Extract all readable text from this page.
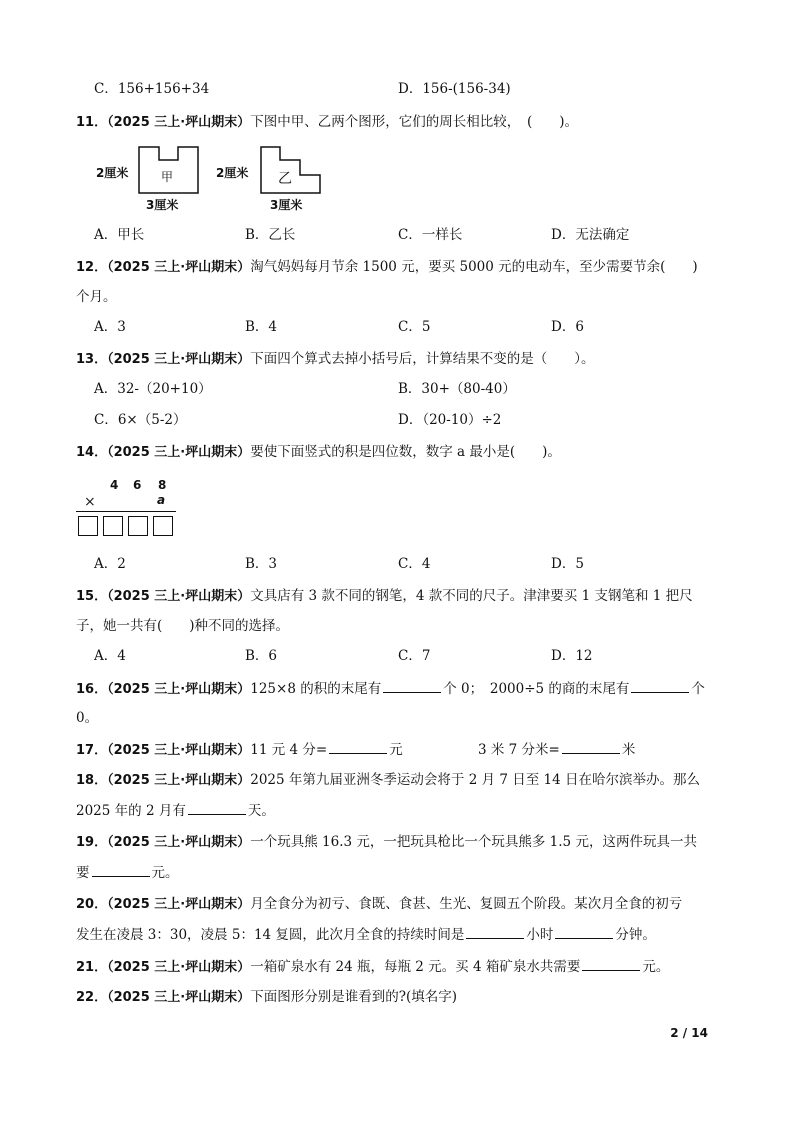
C．156+156+34	D．156-(156-34)
11．（2025 三上·坪山期末）下图中甲、乙两个图形，它们的周长相比较，　(　　)。
2厘米	甲
3厘米
2厘米 乙
3厘米
A．甲长	B．乙长	C．一样长	D．无法确定
12．（2025 三上·坪山期末）淘气妈妈每月节余 1500 元，要买 5000 元的电动车，至少需要节余(　　)
个月。
A．3	B．4	C．5	D．6
13．（2025 三上·坪山期末）下面四个算式去掉小括号后，计算结果不变的是（　　）。
A．32-（20+10）	B．30+（80-40）
C．6×（5-2）	D．（20-10）÷2
14．（2025 三上·坪山期末）要使下面竖式的积是四位数，数字 a 最小是(　　)。
4 6 8
×	a
A．2	B．3	C．4	D．5
15．（2025 三上·坪山期末）文具店有 3 款不同的钢笔，4 款不同的尺子。津津要买 1 支钢笔和 1 把尺
子，她一共有(　　)种不同的选择。
A．4	B．6	C．7	D．12
16．（2025 三上·坪山期末）125×8 的积的末尾有	个 0；　2000÷5 的商的末尾有	个
0。
17．（2025 三上·坪山期末）11 元 4 分=	元	3 米 7 分米=	米
18．（2025 三上·坪山期末）2025 年第九届亚洲冬季运动会将于 2 月 7 日至 14 日在哈尔滨举办。那么
2025 年的 2 月有	天。
19．（2025 三上·坪山期末）一个玩具熊 16.3 元，一把玩具枪比一个玩具熊多 1.5 元，这两件玩具一共
要	元。
20．（2025 三上·坪山期末）月全食分为初亏、食既、食甚、生光、复圆五个阶段。某次月全食的初亏
发生在凌晨 3：30，凌晨 5：14 复圆，此次月全食的持续时间是	小时	分钟。
21．（2025 三上·坪山期末）一箱矿泉水有 24 瓶，每瓶 2 元。买 4 箱矿泉水共需要	元。
22．（2025 三上·坪山期末）下面图形分别是谁看到的?(填名字)
2 / 14
